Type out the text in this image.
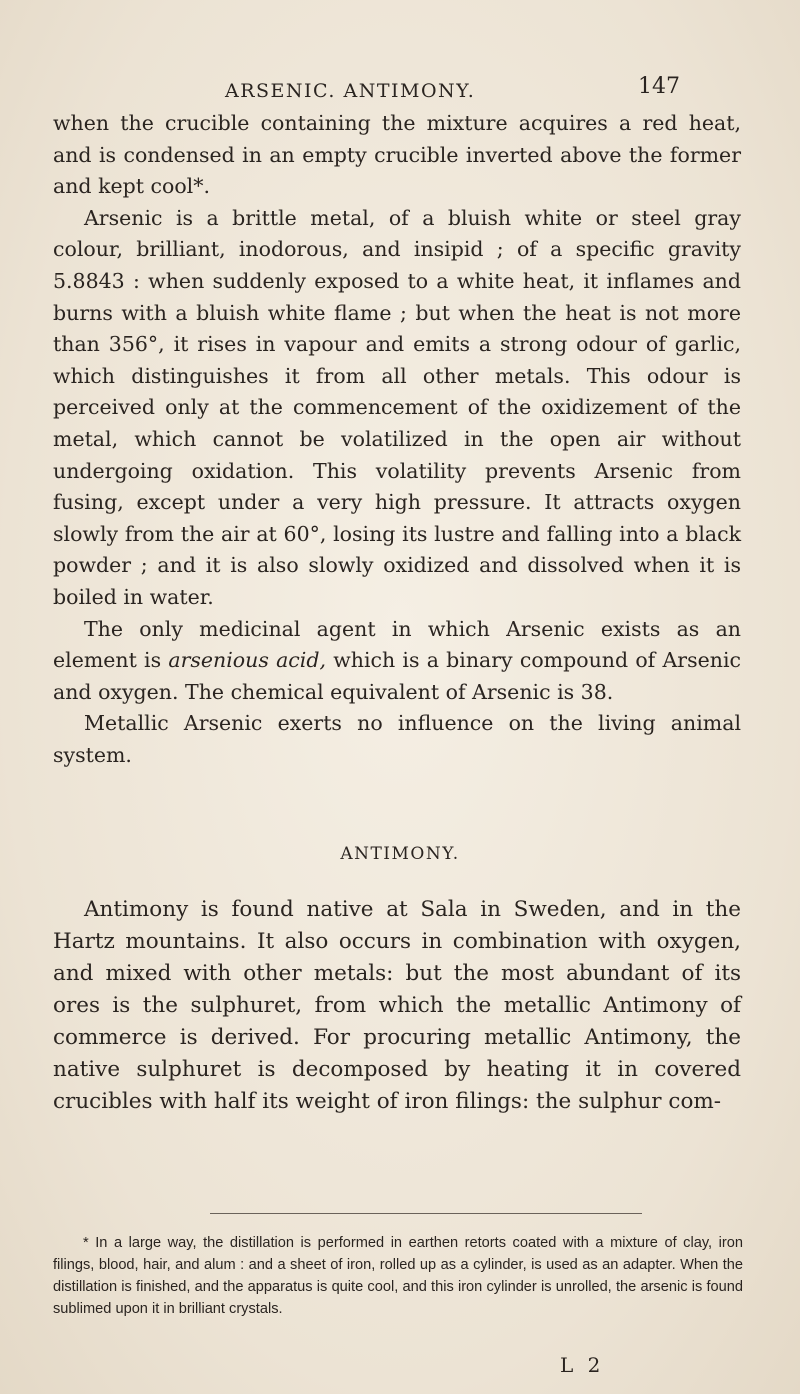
ARSENIC. ANTIMONY.	147

when the crucible containing the mixture acquires a red heat, and is condensed in an empty crucible inverted above the former and kept cool*.

Arsenic is a brittle metal, of a bluish white or steel gray colour, brilliant, inodorous, and insipid ; of a specific gravity 5.8843 : when suddenly exposed to a white heat, it inflames and burns with a bluish white flame ; but when the heat is not more than 356°, it rises in vapour and emits a strong odour of garlic, which distinguishes it from all other metals. This odour is perceived only at the commencement of the oxidizement of the metal, which cannot be volatilized in the open air without undergoing oxidation. This volatility prevents Arsenic from fusing, except under a very high pressure. It attracts oxygen slowly from the air at 60°, losing its lustre and falling into a black powder ; and it is also slowly oxidized and dissolved when it is boiled in water.

The only medicinal agent in which Arsenic exists as an element is arsenious acid, which is a binary compound of Arsenic and oxygen. The chemical equivalent of Arsenic is 38.

Metallic Arsenic exerts no influence on the living animal system.

ANTIMONY.

Antimony is found native at Sala in Sweden, and in the Hartz mountains. It also occurs in combination with oxygen, and mixed with other metals: but the most abundant of its ores is the sulphuret, from which the metallic Antimony of commerce is derived. For procuring metallic Antimony, the native sulphuret is decomposed by heating it in covered crucibles with half its weight of iron filings: the sulphur com-

* In a large way, the distillation is performed in earthen retorts coated with a mixture of clay, iron filings, blood, hair, and alum : and a sheet of iron, rolled up as a cylinder, is used as an adapter. When the distillation is finished, and the apparatus is quite cool, and this iron cylinder is unrolled, the arsenic is found sublimed upon it in brilliant crystals.

L 2
